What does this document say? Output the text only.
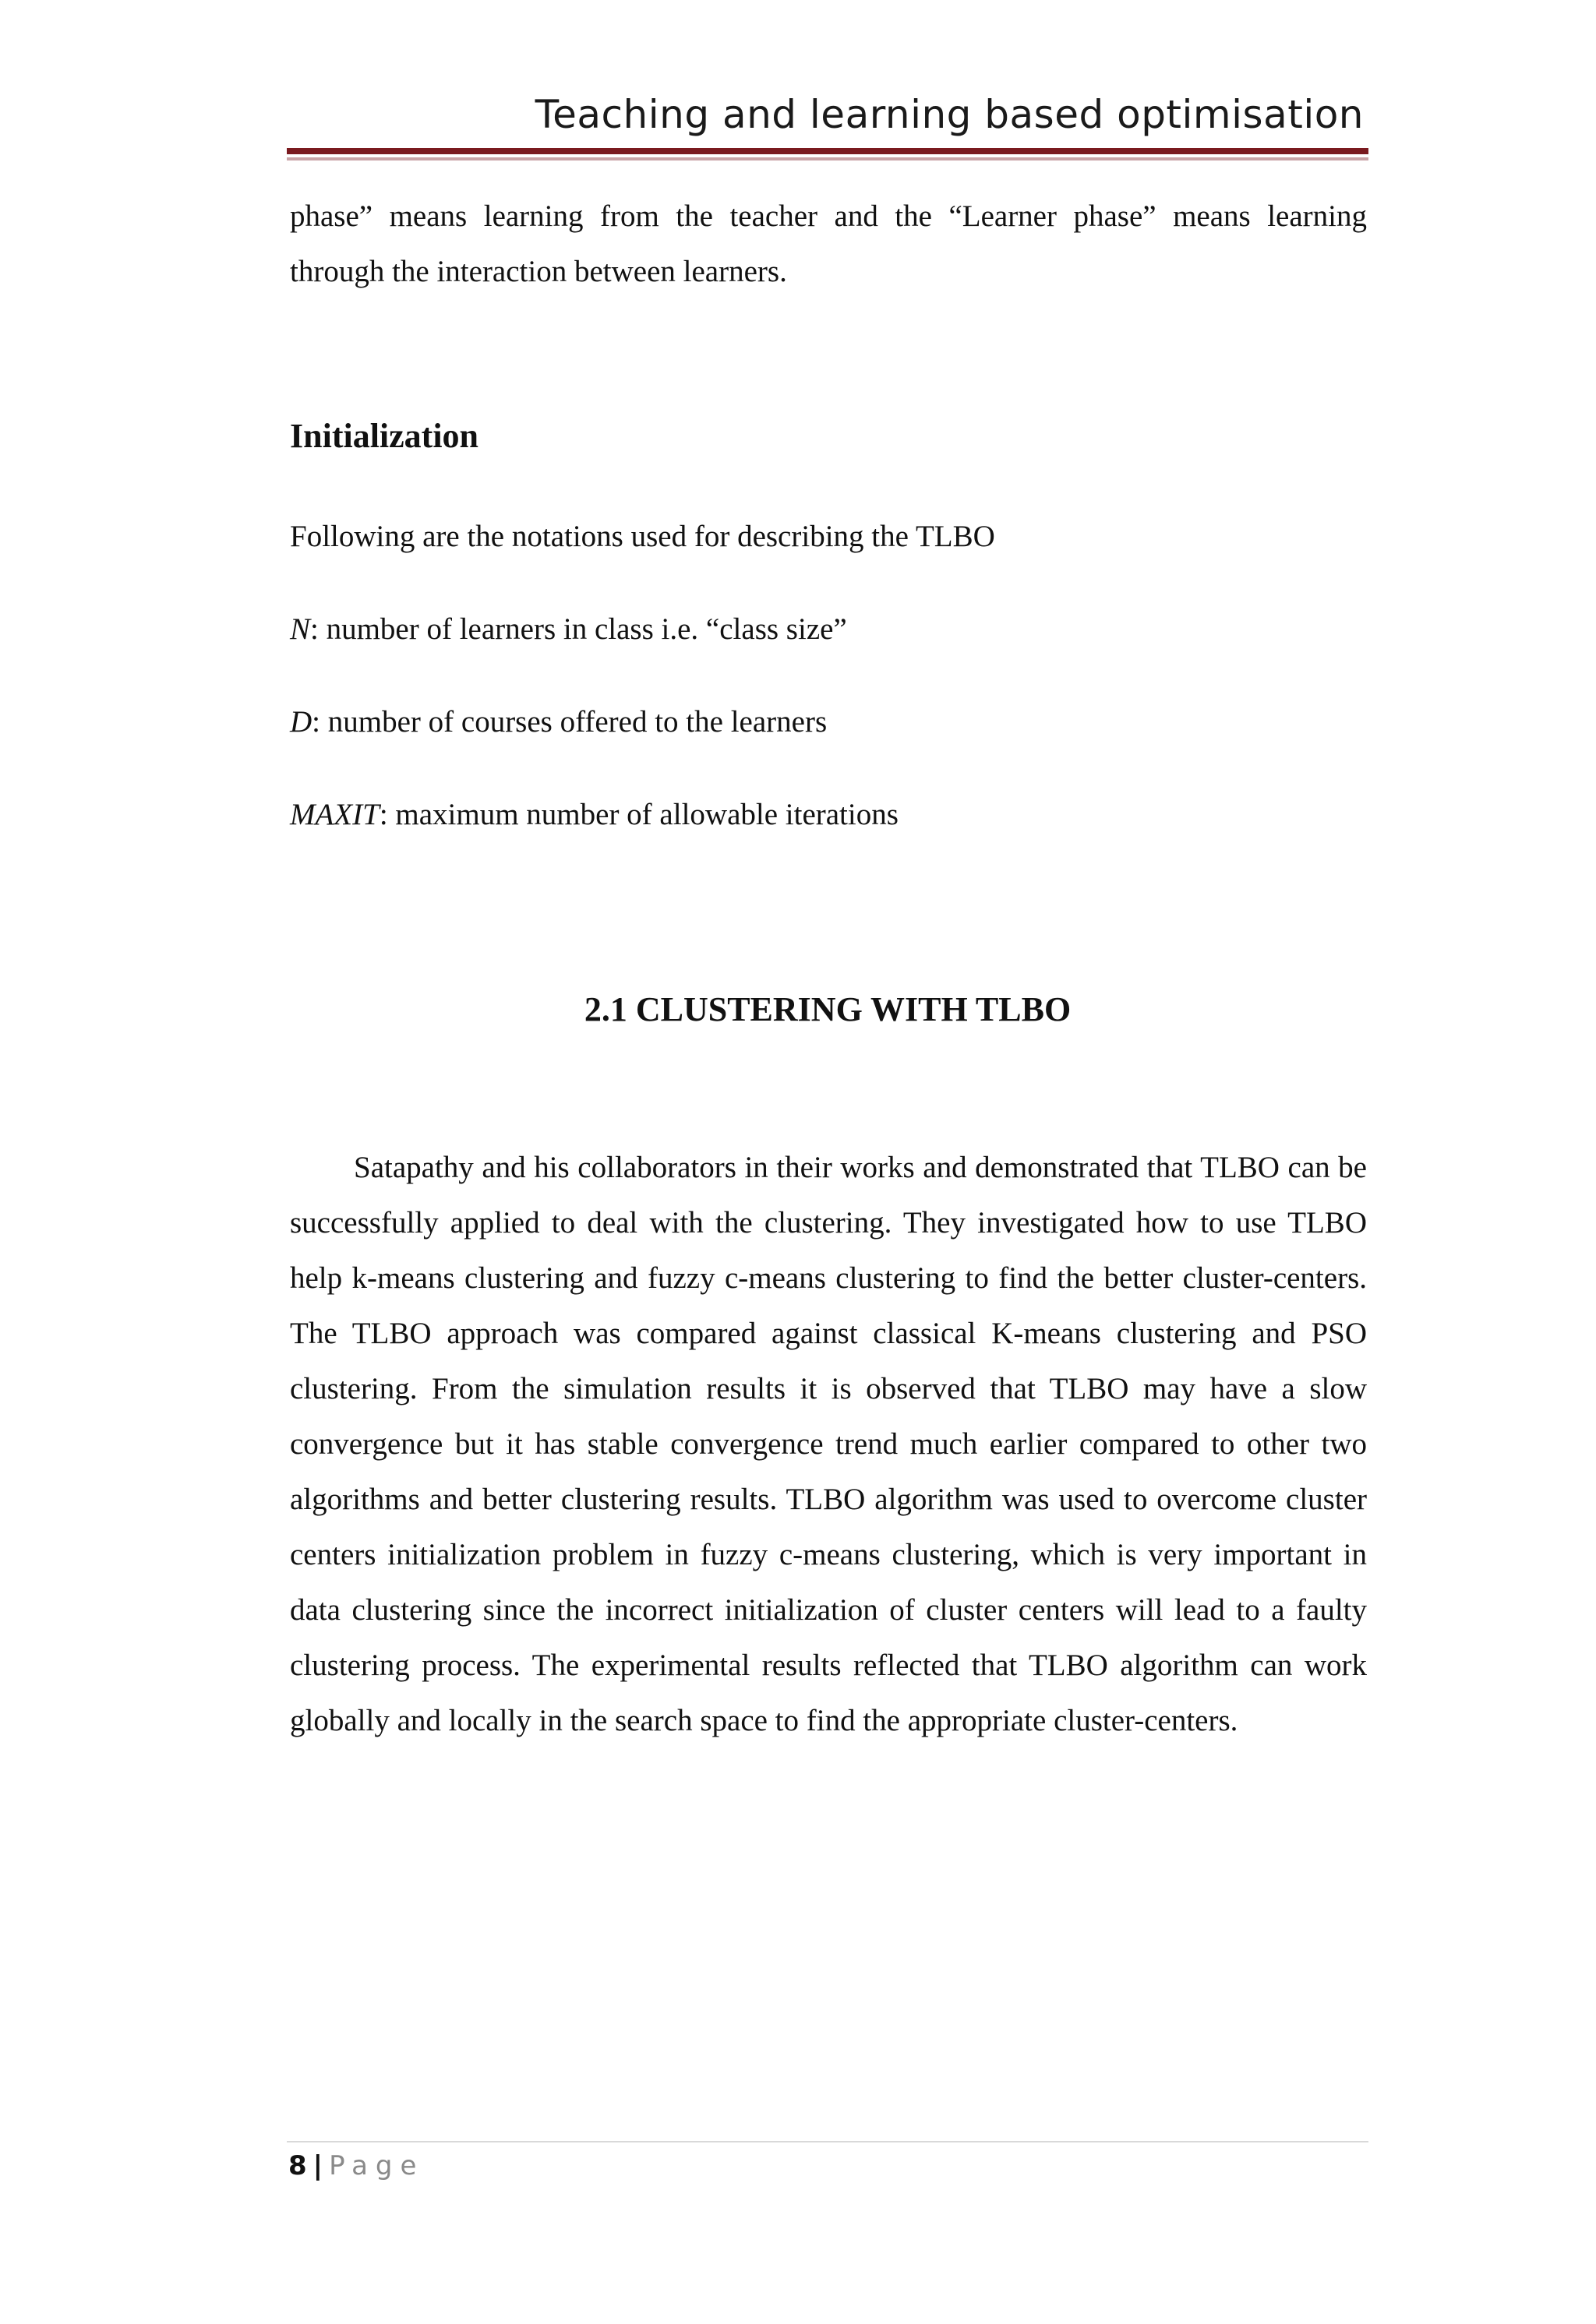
Teaching and learning based optimisation

phase” means learning from the teacher and the “Learner phase” means learning through the interaction between learners.

Initialization

Following are the notations used for describing the TLBO

N: number of learners in class i.e. “class size”

D: number of courses offered to the learners

MAXIT: maximum number of allowable iterations

2.1 CLUSTERING WITH TLBO

Satapathy and his collaborators in their works and demonstrated that TLBO can be successfully applied to deal with the clustering. They investigated how to use TLBO help k-means clustering and fuzzy c-means clustering to find the better cluster-centers. The TLBO approach was compared against classical K-means clustering and PSO clustering. From the simulation results it is observed that TLBO may have a slow convergence but it has stable convergence trend much earlier compared to other two algorithms and better clustering results. TLBO algorithm was used to overcome cluster centers initialization problem in fuzzy c-means clustering, which is very important in data clustering since the incorrect initialization of cluster centers will lead to a faulty clustering process. The experimental results reflected that TLBO algorithm can work globally and locally in the search space to find the appropriate cluster-centers.

8 | Page
